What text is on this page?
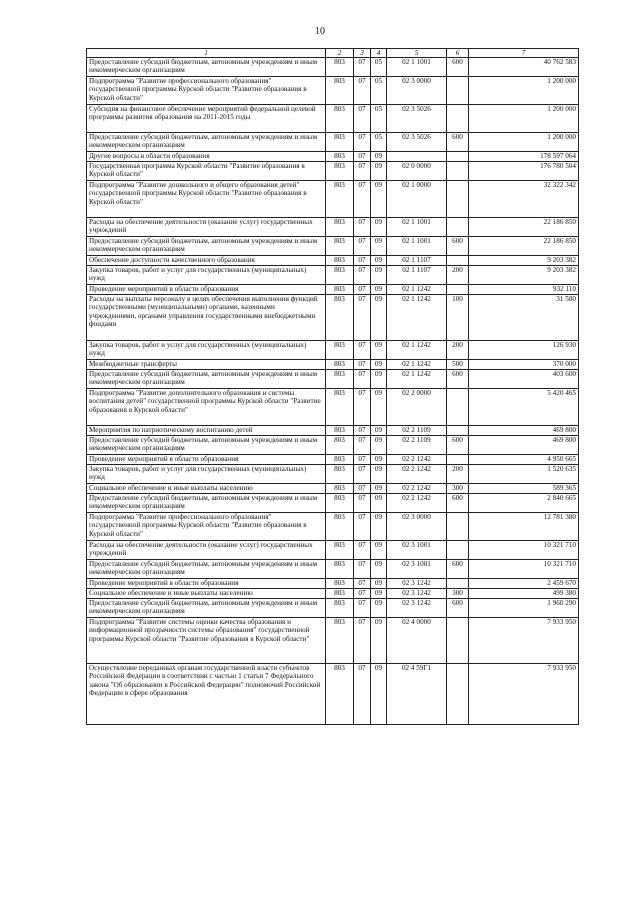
10
1	2	3	4	5	6	7
Предоставление субсидий бюджетным, автономным учреждениям и иным некоммерческим организациям	803	07	05	02 1 1001	600	40 762 583
Подпрограмма "Развитие профессионального образования" государственной программы Курской области "Развитие образования в Курской области"	803	07	05	02 3 0000		1 200 000
Субсидия на финансовое обеспечение мероприятий федеральной целевой программы развития образования на 2011-2015 годы	803	07	05	02 3 5026		1 200 000
Предоставление субсидий бюджетным, автономным учреждениям и иным некоммерческим организациям	803	07	05	02 3 5026	600	1 200 000
Другие вопросы в области образования	803	07	09			178 597 064
Государственная программа Курской области "Развитие образования в Курской области"	803	07	09	02 0 0000		176 780 504
Подпрограмма "Развитие дошкольного и общего образования детей" государственной программы Курской области "Развитие образования в Курской области"	803	07	09	02 1 0000		32 322 342
Расходы на обеспечение деятельности (оказание услуг) государственных учреждений	803	07	09	02 1 1001		22 186 850
Предоставление субсидий бюджетным, автономным учреждениям и иным некоммерческим организациям	803	07	09	02 1 1001	600	22 186 850
Обеспечение доступности качественного образования	803	07	09	02 1 1107		9 203 382
Закупка товаров, работ и услуг для государственных (муниципальных) нужд	803	07	09	02 1 1107	200	9 203 382
Проведение мероприятий в области образования	803	07	09	02 1 1242		932 110
Расходы на выплаты персоналу в целях обеспечения выполнения функций государственными (муниципальными) органами, казенными учреждениями, органами управления государственными внебюджетными фондами	803	07	09	02 1 1242	100	31 580
Закупка товаров, работ и услуг для государственных (муниципальных) нужд	803	07	09	02 1 1242	200	126 930
Межбюджетные трансферты	803	07	09	02 1 1242	500	370 000
Предоставление субсидий бюджетным, автономным учреждениям и иным некоммерческим организациям	803	07	09	02 1 1242	600	403 600
Подпрограмма "Развитие дополнительного образования и системы воспитания детей" государственной программы Курской области "Развитие образования в Курской области"	803	07	09	02 2 0000		5 420 465
Мероприятия по патриотическому воспитанию детей	803	07	09	02 2 1109		469 800
Предоставление субсидий бюджетным, автономным учреждениям и иным некоммерческим организациям	803	07	09	02 2 1109	600	469 800
Проведение мероприятий в области образования	803	07	09	02 2 1242		4 950 665
Закупка товаров, работ и услуг для государственных (муниципальных) нужд	803	07	09	02 2 1242	200	1 520 635
Социальное обеспечение и иные выплаты населению	803	07	09	02 2 1242	300	589 365
Предоставление субсидий бюджетным, автономным учреждениям и иным некоммерческим организациям	803	07	09	02 2 1242	600	2 840 665
Подпрограмма "Развитие профессионального образования" государственной программы Курской области "Развитие образования в Курской области"	803	07	09	02 3 0000		12 781 380
Расходы на обеспечение деятельности (оказание услуг) государственных учреждений	803	07	09	02 3 1001		10 321 710
Предоставление субсидий бюджетным, автономным учреждениям и иным некоммерческим организациям	803	07	09	02 3 1001	600	10 321 710
Проведение мероприятий в области образования	803	07	09	02 3 1242		2 459 670
Социальное обеспечение и иные выплаты населению	803	07	09	02 3 1242	300	499 380
Предоставление субсидий бюджетным, автономным учреждениям и иным некоммерческим организациям	803	07	09	02 3 1242	600	1 960 290
Подпрограмма "Развитие системы оценки качества образования и информационной прозрачности системы образования" государственной программы Курской области "Развитие образования в Курской области"	803	07	09	02 4 0000		7 933 950
Осуществление переданных органам государственной власти субъектов Российской Федерации в соответствии с частью 1 статьи 7 Федерального закона "Об образовании в Российской Федерации" полномочий Российской Федерации в сфере образования	803	07	09	02 4 59Г1		7 933 950
